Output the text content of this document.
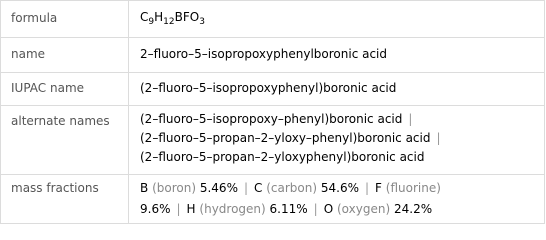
formula	$C_9H_{12}BFO_3$
name	2–fluoro–5–isopropoxyphenylboronic acid
IUPAC name	(2–fluoro–5–isopropoxyphenyl)boronic acid
alternate names	(2–fluoro–5–isopropoxy–phenyl)boronic acid |
(2–fluoro–5–propan–2–yloxy–phenyl)boronic acid |
(2–fluoro–5–propan–2–yloxyphenyl)boronic acid
mass fractions	B (boron) 5.46% | C (carbon) 54.6% | F (fluorine)
9.6% | H (hydrogen) 6.11% | O (oxygen) 24.2%
